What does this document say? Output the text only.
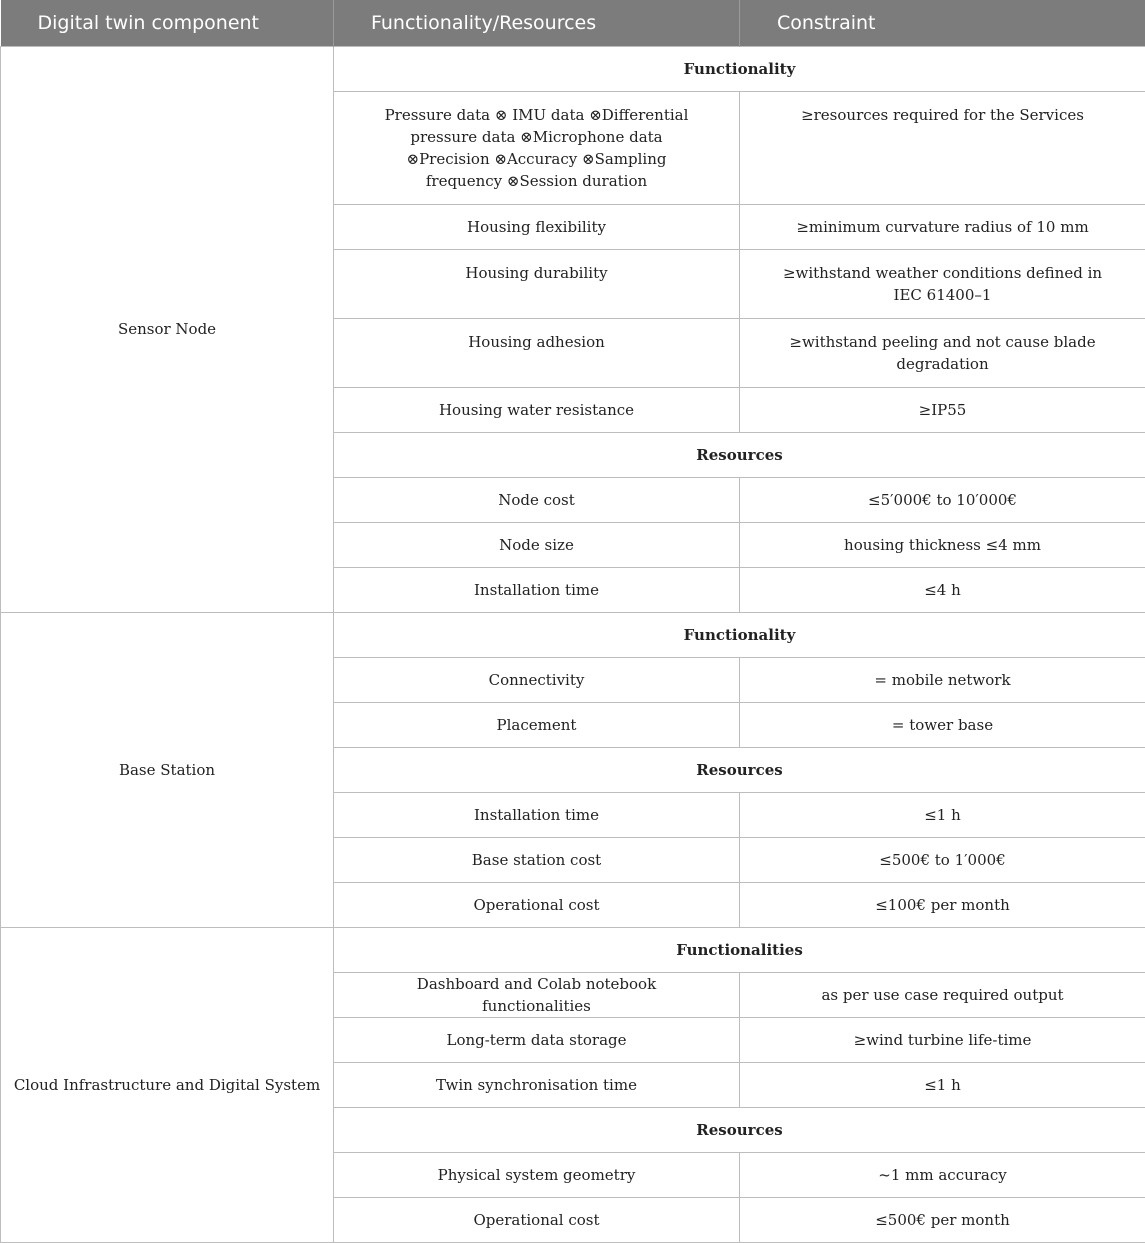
Digital twin component	Functionality/Resources	Constraint
Sensor Node	Functionality	
	Pressure data ⊗ IMU data ⊗Differential pressure data ⊗Microphone data ⊗Precision ⊗Accuracy ⊗Sampling frequency ⊗Session duration	≥resources required for the Services
	Housing flexibility	≥minimum curvature radius of 10 mm
	Housing durability	≥withstand weather conditions defined in IEC 61400–1
	Housing adhesion	≥withstand peeling and not cause blade degradation
	Housing water resistance	≥IP55
	Resources	
	Node cost	≤5′000€ to 10′000€
	Node size	housing thickness ≤4 mm
	Installation time	≤4 h
Base Station	Functionality	
	Connectivity	= mobile network
	Placement	= tower base
	Resources	
	Installation time	≤1 h
	Base station cost	≤500€ to 1′000€
	Operational cost	≤100€ per month
Cloud Infrastructure and Digital System	Functionalities	
	Dashboard and Colab notebook functionalities	as per use case required output
	Long-term data storage	≥wind turbine life-time
	Twin synchronisation time	≤1 h
	Resources	
	Physical system geometry	~1 mm accuracy
	Operational cost	≤500€ per month
